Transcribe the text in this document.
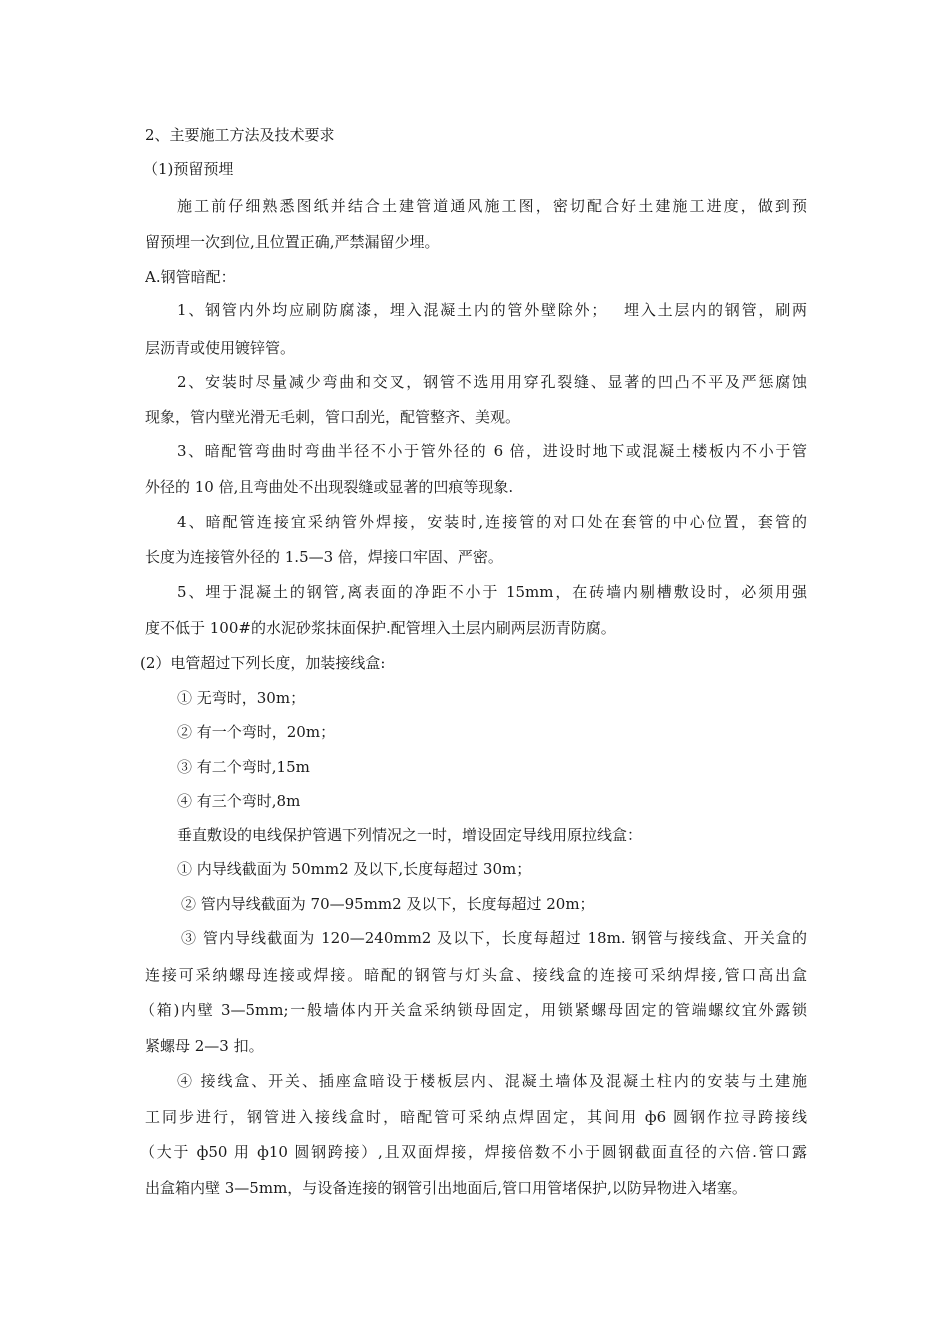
2、主要施工方法及技术要求
（1)预留预埋
施工前仔细熟悉图纸并结合土建管道通风施工图，密切配合好土建施工进度，做到预
留预埋一次到位,且位置正确,严禁漏留少埋。
A.钢管暗配：
1、钢管内外均应刷防腐漆，埋入混凝土内的管外壁除外；　 埋入土层内的钢管，刷两
层沥青或使用镀锌管。
2、安装时尽量减少弯曲和交叉，钢管不选用用穿孔裂缝、显著的凹凸不平及严惩腐蚀
现象，管内壁光滑无毛刺，管口刮光，配管整齐、美观。
3、暗配管弯曲时弯曲半径不小于管外径的 6 倍，进设时地下或混凝土楼板内不小于管
外径的 10 倍,且弯曲处不出现裂缝或显著的凹痕等现象.
4、暗配管连接宜采纳管外焊接，安装时,连接管的对口处在套管的中心位置，套管的
长度为连接管外径的 1.5—3 倍，焊接口牢固、严密。
5、埋于混凝土的钢管,离表面的净距不小于 15mm，在砖墙内剔槽敷设时，必须用强
度不低于 100#的水泥砂浆抹面保护.配管埋入土层内刷两层沥青防腐。
(2）电管超过下列长度，加装接线盒:
① 无弯时，30m；
② 有一个弯时，20m；
③ 有二个弯时,15m
④ 有三个弯时,8m
垂直敷设的电线保护管遇下列情况之一时，增设固定导线用原拉线盒：
① 内导线截面为 50mm2 及以下,长度每超过 30m；
② 管内导线截面为 70—95mm2 及以下，长度每超过 20m；
③ 管内导线截面为 120—240mm2 及以下，长度每超过 18m. 钢管与接线盒、开关盒的
连接可采纳螺母连接或焊接。暗配的钢管与灯头盒、接线盒的连接可采纳焊接,管口高出盒
（箱)内壁 3—5mm;一般墙体内开关盒采纳锁母固定，用锁紧螺母固定的管端螺纹宜外露锁
紧螺母 2—3 扣。
④ 接线盒、开关、插座盒暗设于楼板层内、混凝土墙体及混凝土柱内的安装与土建施
工同步进行，钢管进入接线盒时，暗配管可采纳点焊固定，其间用 ф6 圆钢作拉寻跨接线
（大于 ф50 用 ф10 圆钢跨接）,且双面焊接，焊接倍数不小于圆钢截面直径的六倍.管口露
出盒箱内壁 3—5mm，与设备连接的钢管引出地面后,管口用管堵保护,以防异物进入堵塞。
